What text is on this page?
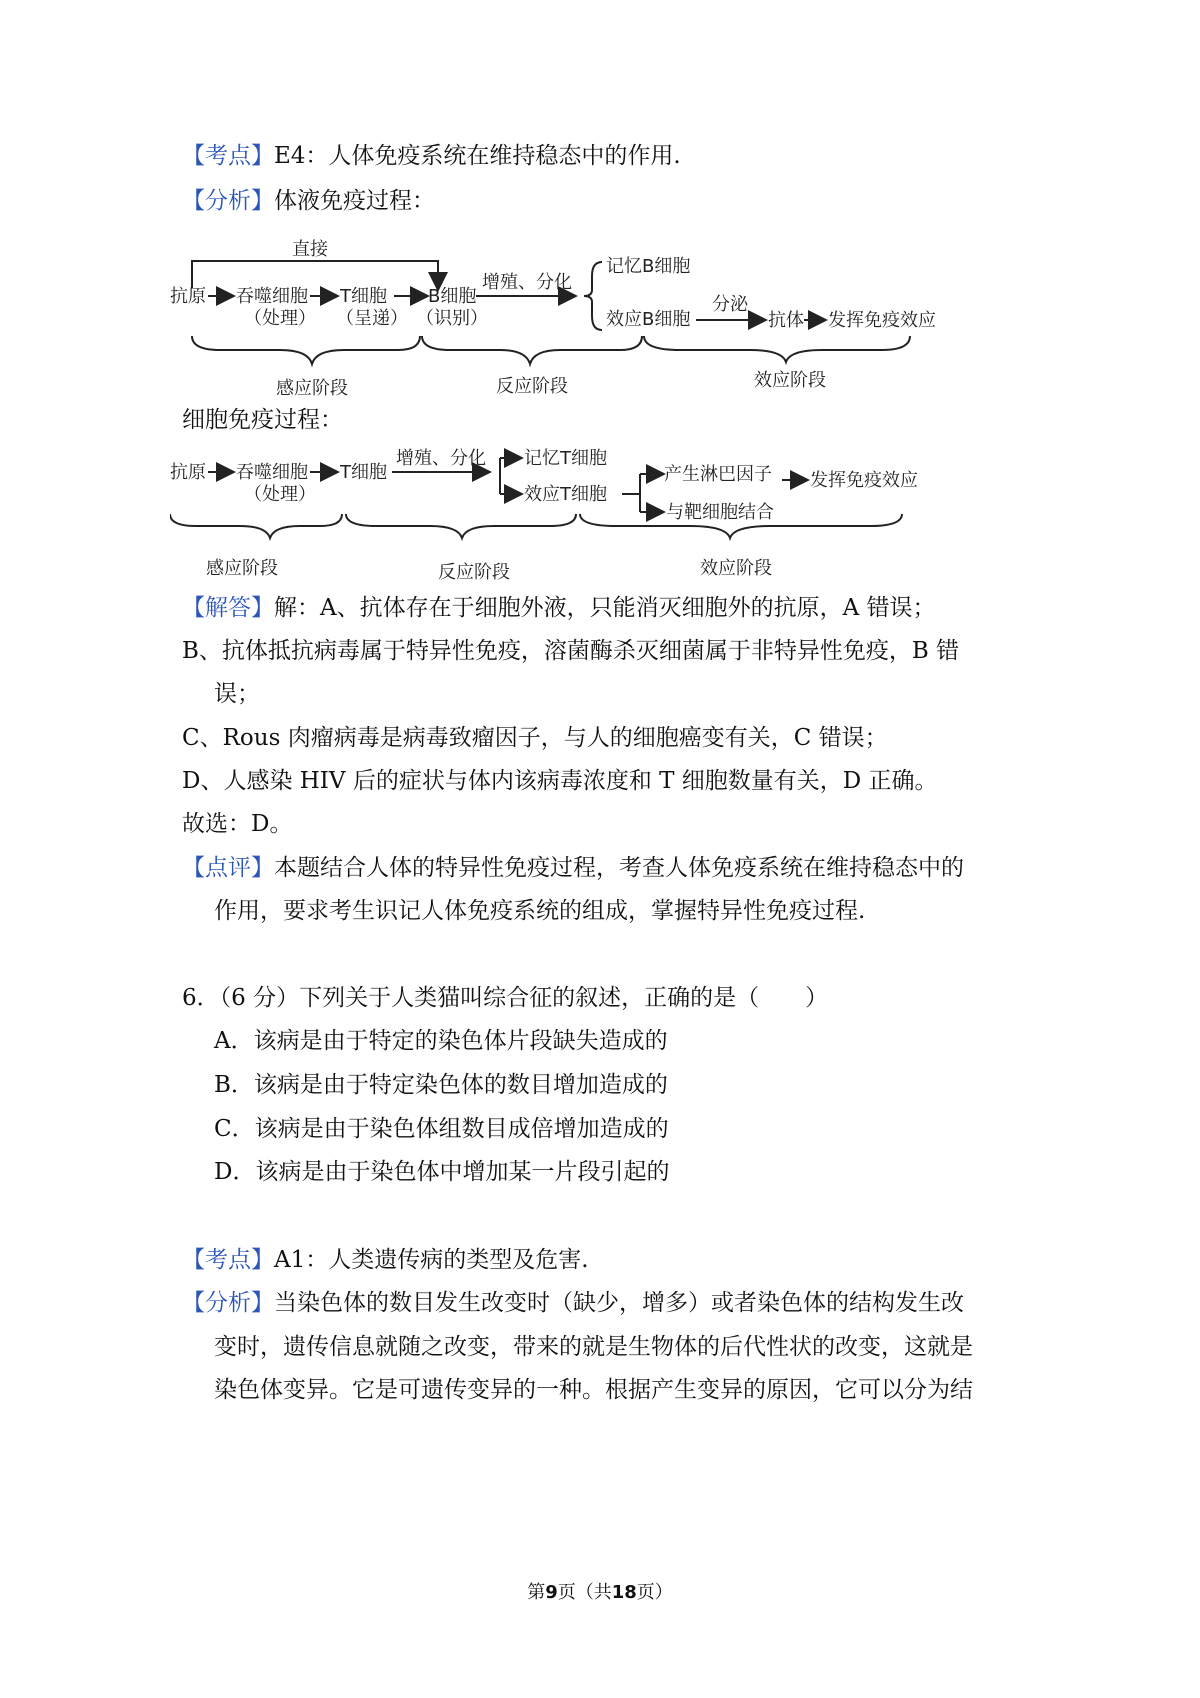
【考点】E4：人体免疫系统在维持稳态中的作用.
【分析】体液免疫过程：
直接
抗原 吞噬细胞
（处理）
T细胞
（呈递）
B细胞
（识别）
增殖、分化
记忆B细胞
效应B细胞
分泌
抗体 发挥免疫效应
感应阶段	反应阶段	效应阶段
细胞免疫过程：
抗原 吞噬细胞
（处理）
T细胞
增殖、分化 记忆T细胞
效应T细胞
产生淋巴因子 发挥免疫效应
与靶细胞结合
感应阶段	反应阶段	效应阶段
【解答】解：A、抗体存在于细胞外液，只能消灭细胞外的抗原，A 错误；
B、抗体抵抗病毒属于特异性免疫，溶菌酶杀灭细菌属于非特异性免疫，B 错
误；
C、Rous 肉瘤病毒是病毒致瘤因子，与人的细胞癌变有关，C 错误；
D、人感染 HIV 后的症状与体内该病毒浓度和 T 细胞数量有关，D 正确。
故选：D。
【点评】本题结合人体的特异性免疫过程，考查人体免疫系统在维持稳态中的
作用，要求考生识记人体免疫系统的组成，掌握特异性免疫过程.
6．（6 分）下列关于人类猫叫综合征的叙述，正确的是（　　）
A．该病是由于特定的染色体片段缺失造成的
B．该病是由于特定染色体的数目增加造成的
C．该病是由于染色体组数目成倍增加造成的
D．该病是由于染色体中增加某一片段引起的
【考点】A1：人类遗传病的类型及危害.
【分析】当染色体的数目发生改变时（缺少，增多）或者染色体的结构发生改
变时，遗传信息就随之改变，带来的就是生物体的后代性状的改变，这就是
染色体变异。它是可遗传变异的一种。根据产生变异的原因，它可以分为结
第9页（共18页）
